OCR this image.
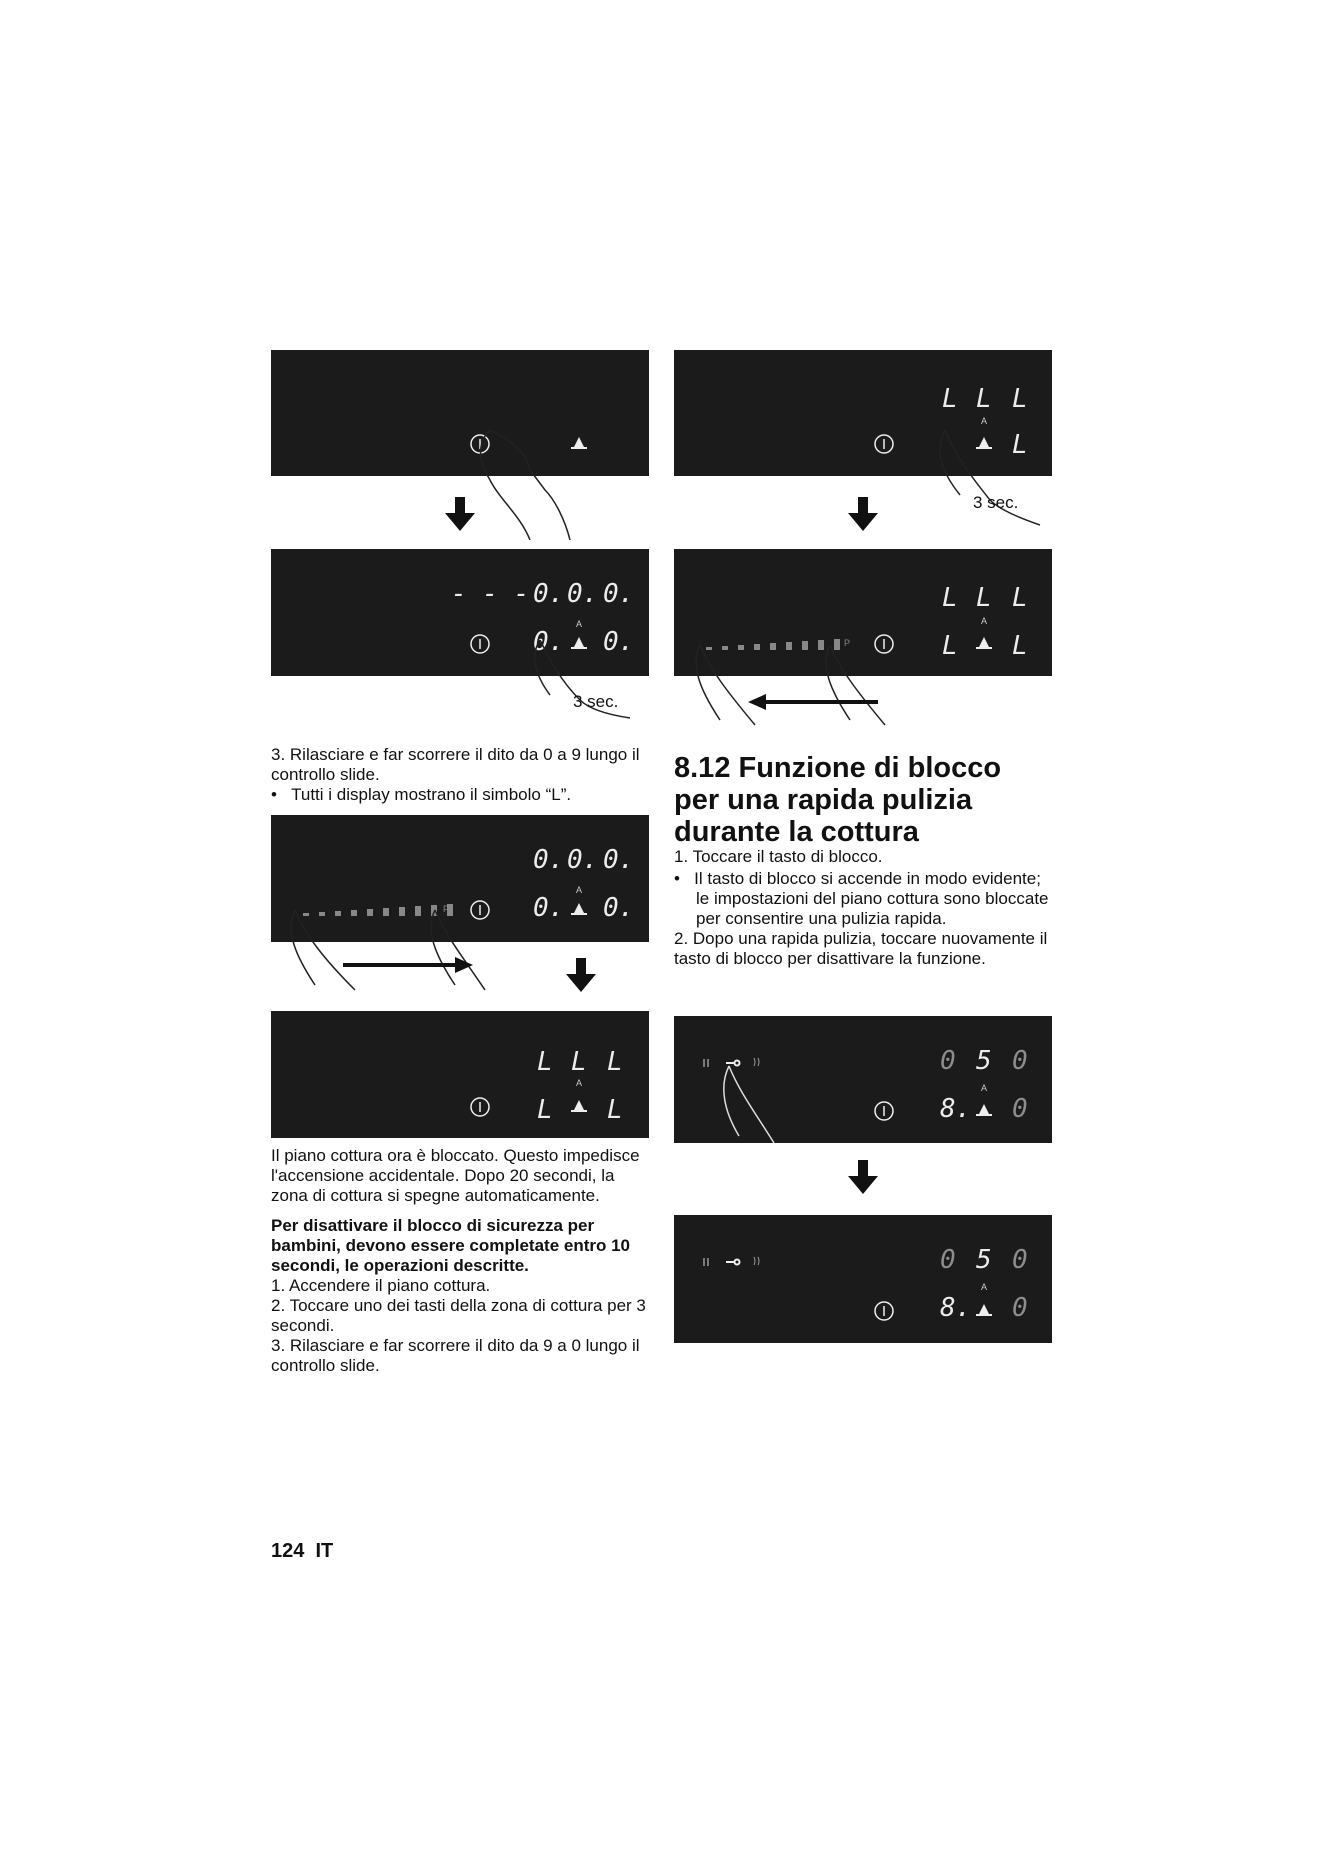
- - - 0. 0. 0.
0. 0.
A
3 sec.

3. Rilasciare e far scorrere il dito da 0 a 9 lungo il controllo slide.

•   Tutti i display mostrano il simbolo “L”.

0. 0. 0.
0. 0.
P
A
L L L
L L
A

Il piano cottura ora è bloccato. Questo impedisce l'accensione accidentale. Dopo 20 secondi, la zona di cottura si spegne automaticamente.

Per disattivare il blocco di sicurezza per bambini, devono essere completate entro 10 secondi, le operazioni descritte.

1. Accendere il piano cottura.

2. Toccare uno dei tasti della zona di cottura per 3 secondi.

3. Rilasciare e far scorrere il dito da 9 a 0 lungo il controllo slide.

L L L
L
A
3 sec.
L L L
L L
P
A
8.12 Funzione di blocco per una rapida pulizia durante la cottura

1. Toccare il tasto di blocco.

•   Il tasto di blocco si accende in modo evidente; le impostazioni del piano cottura sono bloccate per consentire una pulizia rapida.

2. Dopo una rapida pulizia, toccare nuovamente il tasto di blocco per disattivare la funzione.

0 5 0
8. 0
A
0 5 0
8. 0
A
124 IT
